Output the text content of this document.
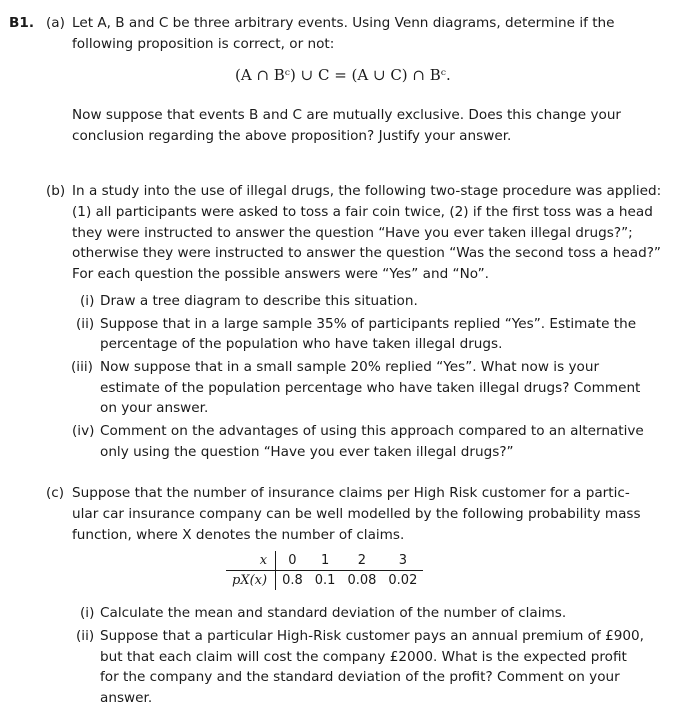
B1. (a) Let A, B and C be three arbitrary events. Using Venn diagrams, determine if the
following proposition is correct, or not:
(A ∩ Bᶜ) ∪ C = (A ∪ C) ∩ Bᶜ.
Now suppose that events B and C are mutually exclusive. Does this change your
conclusion regarding the above proposition? Justify your answer.
(b) In a study into the use of illegal drugs, the following two-stage procedure was applied:
(1) all participants were asked to toss a fair coin twice, (2) if the first toss was a head
they were instructed to answer the question “Have you ever taken illegal drugs?”;
otherwise they were instructed to answer the question “Was the second toss a head?”
For each question the possible answers were “Yes” and “No”.
(i) Draw a tree diagram to describe this situation.
(ii) Suppose that in a large sample 35% of participants replied “Yes”. Estimate the
percentage of the population who have taken illegal drugs.
(iii) Now suppose that in a small sample 20% replied “Yes”. What now is your
estimate of the population percentage who have taken illegal drugs? Comment
on your answer.
(iv) Comment on the advantages of using this approach compared to an alternative
only using the question “Have you ever taken illegal drugs?”
(c) Suppose that the number of insurance claims per High Risk customer for a partic-
ular car insurance company can be well modelled by the following probability mass
function, where X denotes the number of claims.
x	0	1	2	3
pX(x)	0.8	0.1	0.08	0.02
(i) Calculate the mean and standard deviation of the number of claims.
(ii) Suppose that a particular High-Risk customer pays an annual premium of £900,
but that each claim will cost the company £2000. What is the expected profit
for the company and the standard deviation of the profit? Comment on your
answer.
